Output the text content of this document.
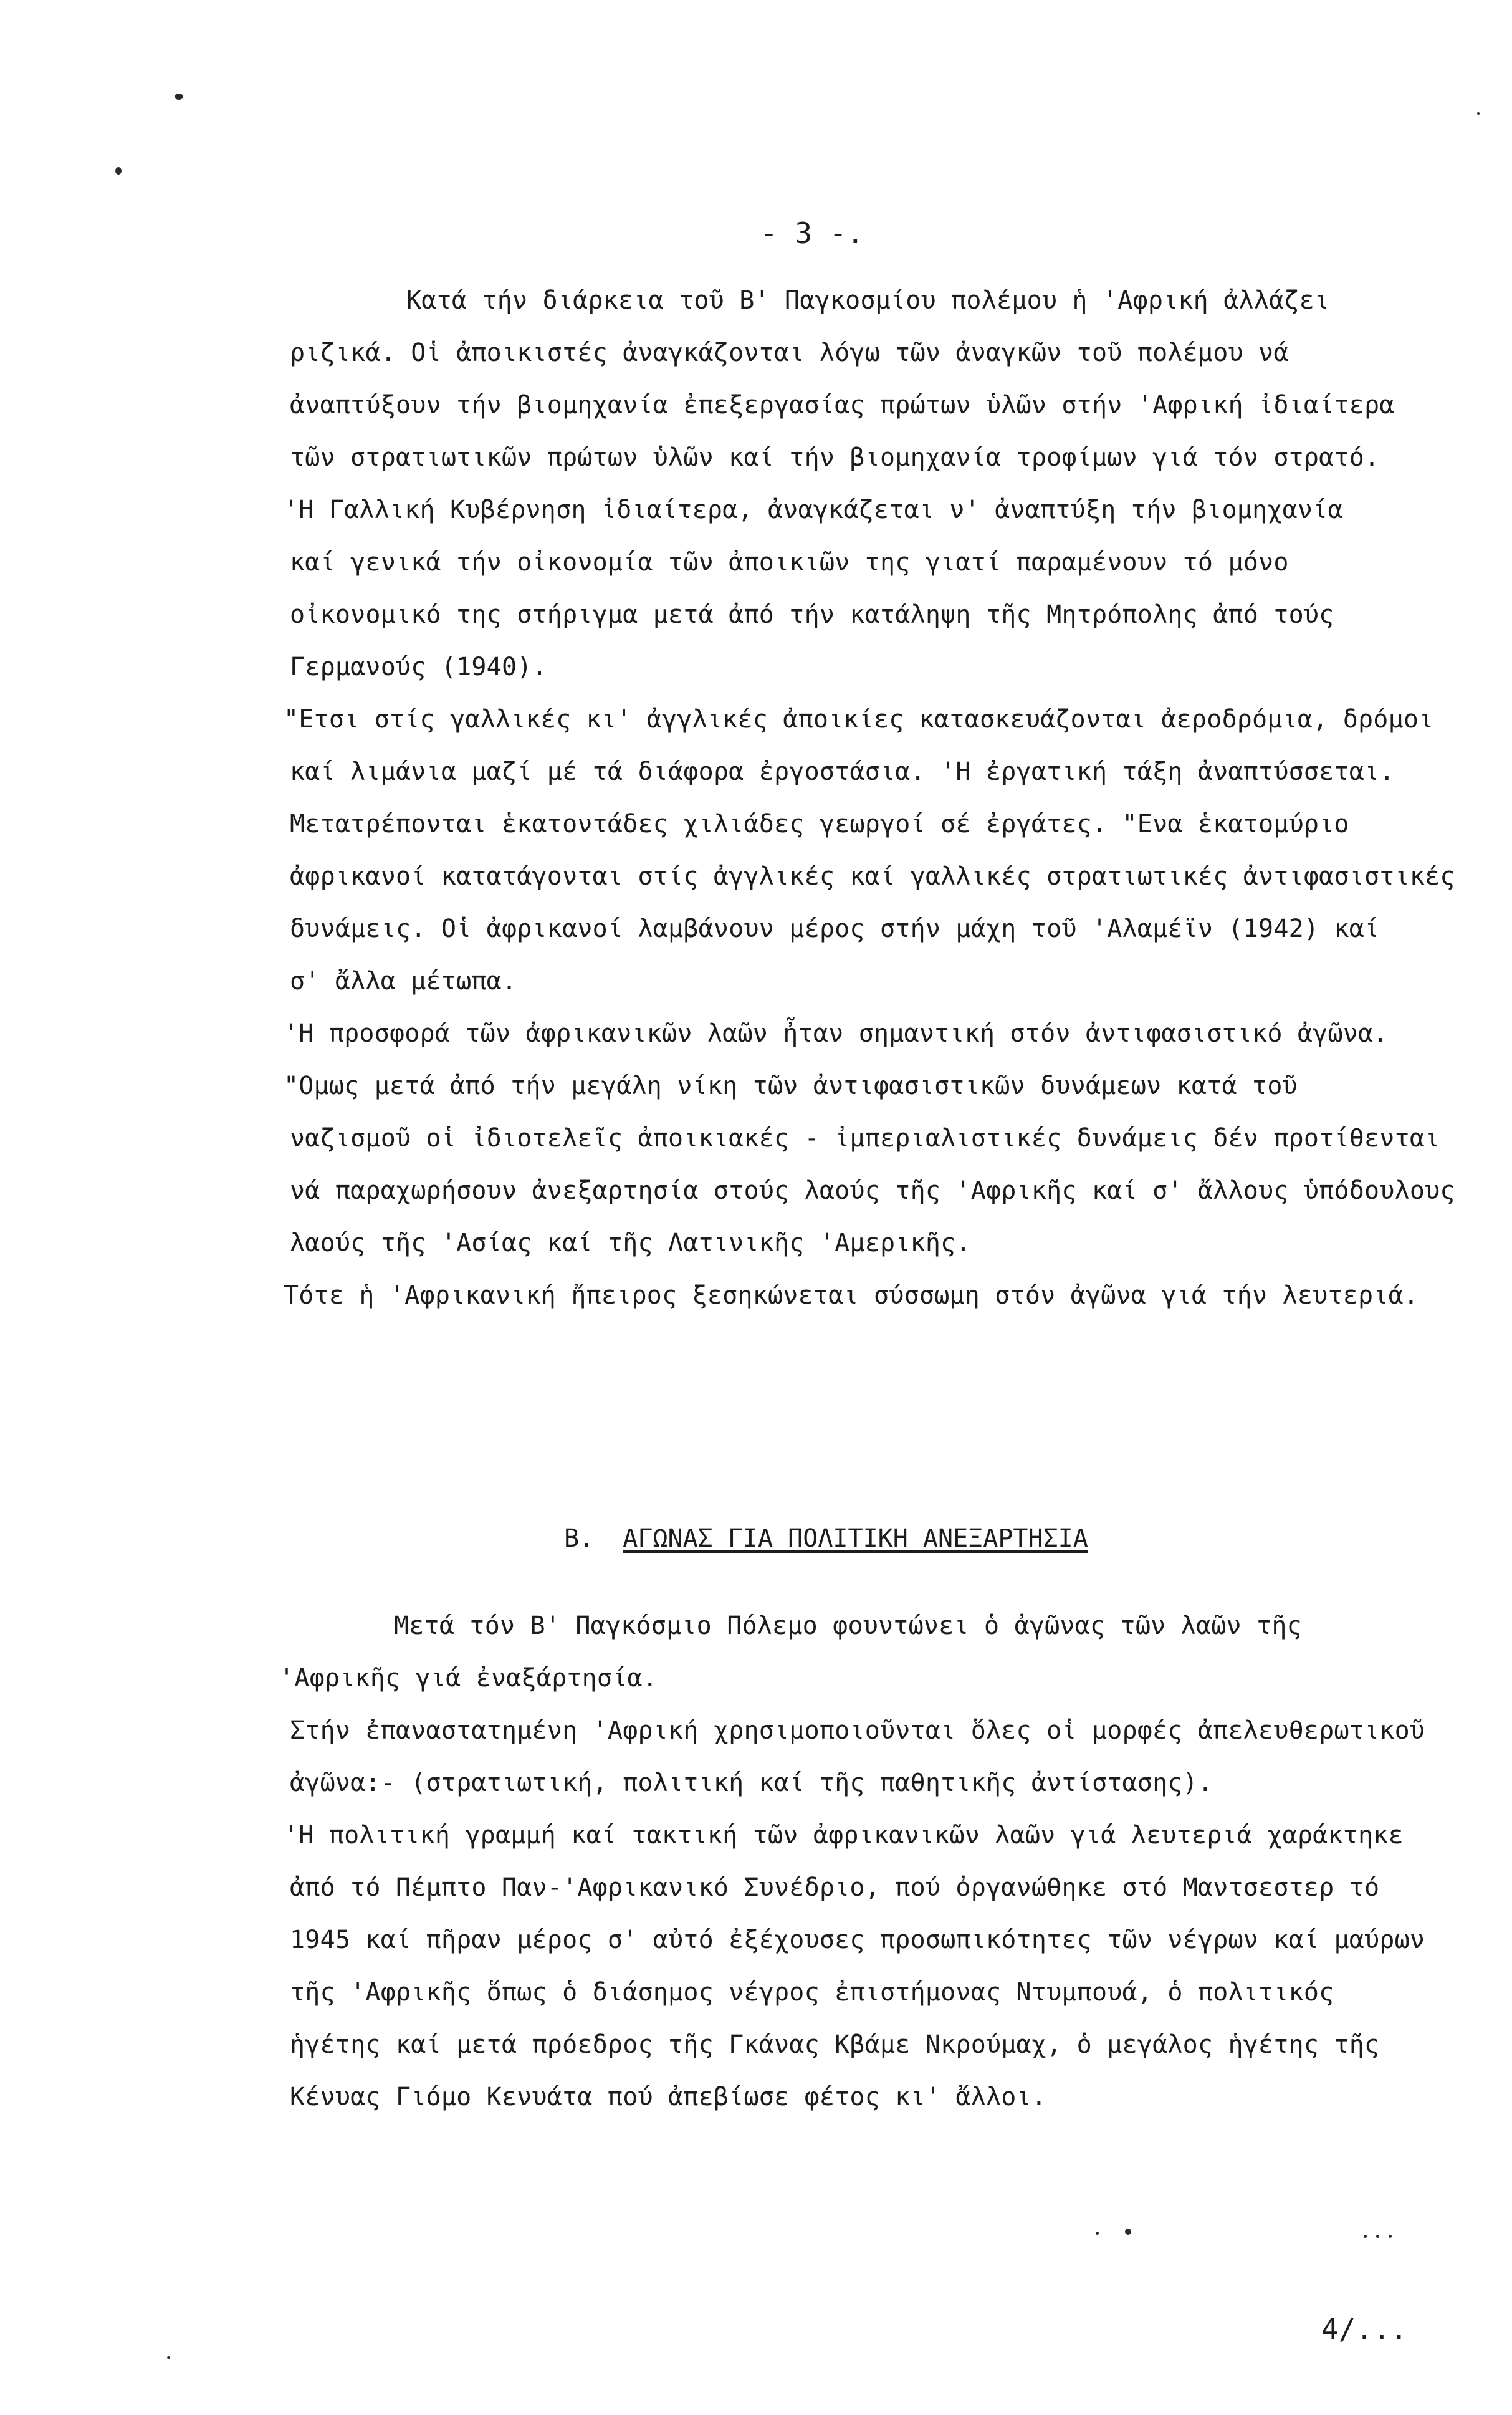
- 3 -.
Κατά τήν διάρκεια τοῦ Β' Παγκοσμίου πολέμου ἡ 'Αφρική ἀλλάζει
ριζικά. Οἱ ἀποικιστές ἀναγκάζονται λόγω τῶν ἀναγκῶν τοῦ πολέμου νά
ἀναπτύξουν τήν βιομηχανία ἐπεξεργασίας πρώτων ὑλῶν στήν 'Αφρική ἰδιαίτερα
τῶν στρατιωτικῶν πρώτων ὑλῶν καί τήν βιομηχανία τροφίμων γιά τόν στρατό.
'Η Γαλλική Κυβέρνηση ἰδιαίτερα, ἀναγκάζεται ν' ἀναπτύξη τήν βιομηχανία
καί γενικά τήν οἰκονομία τῶν ἀποικιῶν της γιατί παραμένουν τό μόνο
οἰκονομικό της στήριγμα μετά ἀπό τήν κατάληψη τῆς Μητρόπολης ἀπό τούς
Γερμανούς (1940).
"Ετσι στίς γαλλικές κι' ἀγγλικές ἀποικίες κατασκευάζονται ἀεροδρόμια, δρόμοι
καί λιμάνια μαζί μέ τά διάφορα ἐργοστάσια. 'Η ἐργατική τάξη ἀναπτύσσεται.
Μετατρέπονται ἑκατοντάδες χιλιάδες γεωργοί σέ ἐργάτες. "Ενα ἑκατομύριο
ἀφρικανοί κατατάγονται στίς ἀγγλικές καί γαλλικές στρατιωτικές ἀντιφασιστικές
δυνάμεις. Οἱ ἀφρικανοί λαμβάνουν μέρος στήν μάχη τοῦ 'Αλαμέϊν (1942) καί
σ' ἄλλα μέτωπα.
'Η προσφορά τῶν ἀφρικανικῶν λαῶν ἦταν σημαντική στόν ἀντιφασιστικό ἀγῶνα.
"Ομως μετά ἀπό τήν μεγάλη νίκη τῶν ἀντιφασιστικῶν δυνάμεων κατά τοῦ
ναζισμοῦ οἱ ἰδιοτελεῖς ἀποικιακές - ἰμπεριαλιστικές δυνάμεις δέν προτίθενται
νά παραχωρήσουν ἀνεξαρτησία στούς λαούς τῆς 'Αφρικῆς καί σ' ἄλλους ὑπόδουλους
λαούς τῆς 'Ασίας καί τῆς Λατινικῆς 'Αμερικῆς.
Τότε ἡ 'Αφρικανική ἤπειρος ξεσηκώνεται σύσσωμη στόν ἀγῶνα γιά τήν λευτεριά.
Β. ΑΓΩΝΑΣ ΓΙΑ ΠΟΛΙΤΙΚΗ ΑΝΕΞΑΡΤΗΣΙΑ
Μετά τόν Β' Παγκόσμιο Πόλεμο φουντώνει ὁ ἀγῶνας τῶν λαῶν τῆς
'Αφρικῆς γιά ἐναξάρτησία.
Στήν ἐπαναστατημένη 'Αφρική χρησιμοποιοῦνται ὅλες οἱ μορφές ἀπελευθερωτικοῦ
ἀγῶνα:- (στρατιωτική, πολιτική καί τῆς παθητικῆς ἀντίστασης).
'Η πολιτική γραμμή καί τακτική τῶν ἀφρικανικῶν λαῶν γιά λευτεριά χαράκτηκε
ἀπό τό Πέμπτο Παν-'Αφρικανικό Συνέδριο, πού ὀργανώθηκε στό Μαντσεστερ τό
1945 καί πῆραν μέρος σ' αὐτό ἐξέχουσες προσωπικότητες τῶν νέγρων καί μαύρων
τῆς 'Αφρικῆς ὅπως ὁ διάσημος νέγρος ἐπιστήμονας Ντυμπουά, ὁ πολιτικός
ἡγέτης καί μετά πρόεδρος τῆς Γκάνας Κβάμε Νκρούμαχ, ὁ μεγάλος ἡγέτης τῆς
Κένυας Γιόμο Κενυάτα πού ἀπεβίωσε φέτος κι' ἄλλοι.
4/...
